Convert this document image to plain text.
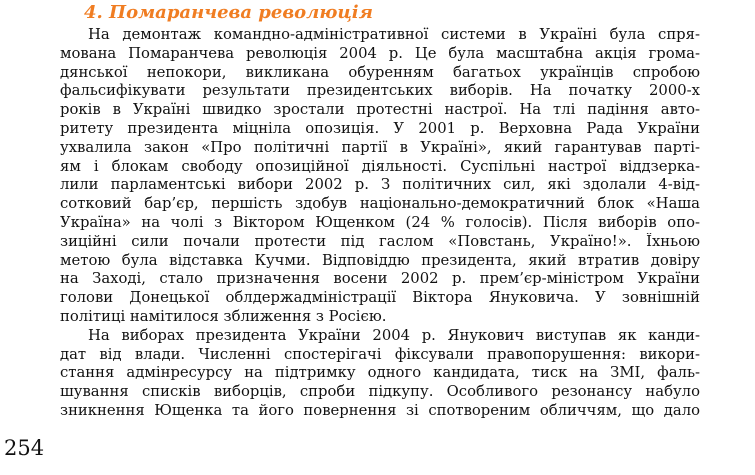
4. Помаранчева революція
На демонтаж командно-адміністративної системи в Україні була спря-
мована Помаранчева революція 2004 р. Це була масштабна акція грома-
дянської непокори, викликана обуренням багатьох українців спробою
фальсифікувати результати президентських виборів. На початку 2000-х
років в Україні швидко зростали протестні настрої. На тлі падіння авто-
ритету президента міцніла опозиція. У 2001 р. Верховна Рада України
ухвалила закон «Про політичні партії в Україні», який гарантував парті-
ям і блокам свободу опозиційної діяльності. Суспільні настрої віддзерка-
лили парламентські вибори 2002 р. З політичних сил, які здолали 4-від-
сотковий бар’єр, першість здобув національно-демократичний блок «Наша
Україна» на чолі з Віктором Ющенком (24 % голосів). Після виборів опо-
зиційні сили почали протести під гаслом «Повстань, Україно!». Їхньою
метою була відставка Кучми. Відповіддю президента, який втратив довіру
на Заході, стало призначення восени 2002 р. прем’єр-міністром України
голови Донецької облдержадміністрації Віктора Януковича. У зовнішній
політиці намітилося зближення з Росією.
На виборах президента України 2004 р. Янукович виступав як канди-
дат від влади. Численні спостерігачі фіксували правопорушення: викори-
стання адмінресурсу на підтримку одного кандидата, тиск на ЗМІ, фаль-
шування списків виборців, спроби підкупу. Особливого резонансу набуло
зникнення Ющенка та його повернення зі спотвореним обличчям, що дало
254
